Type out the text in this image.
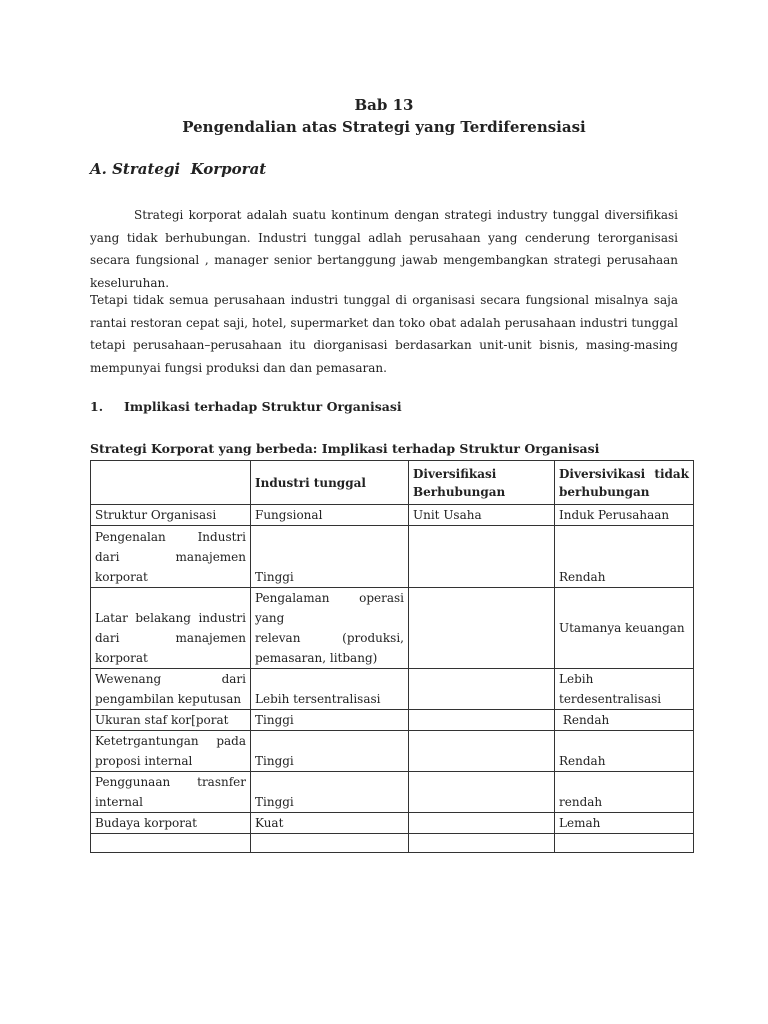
Bab 13
Pengendalian atas Strategi yang Terdiferensiasi
A. Strategi  Korporat

Strategi korporat adalah suatu kontinum dengan strategi industry tunggal diversifikasi yang tidak berhubungan. Industri tunggal adlah perusahaan yang cenderung terorganisasi secara fungsional , manager senior bertanggung jawab mengembangkan strategi perusahaan keseluruhan.

Tetapi tidak semua perusahaan industri tunggal di organisasi secara fungsional misalnya saja rantai restoran cepat saji, hotel, supermarket dan toko obat adalah perusahaan industri tunggal tetapi perusahaan–perusahaan itu diorganisasi berdasarkan unit-unit bisnis, masing-masing mempunyai fungsi produksi dan dan pemasaran.

1. Implikasi terhadap Struktur Organisasi
Strategi Korporat yang berbeda: Implikasi terhadap Struktur Organisasi
	Industri tunggal	Diversifikasi Berhubungan	Diversivikasi tidak
berhubungan
Struktur Organisasi	Fungsional	Unit Usaha	Induk Perusahaan

Pengenalan Industri
dari manajemen
korporat	Tinggi		Rendah

Latar belakang industri
dari manajemen
korporat	Pengalaman operasi yang
relevan (produksi,
pemasaran, litbang)		Utamanya keuangan

Wewenang dari
pengambilan keputusan	Lebih tersentralisasi		Lebih terdesentralisasi
Ukuran staf kor[porat	Tinggi		Rendah

Ketetrgantungan pada
proposi internal	Tinggi		Rendah

Penggunaan trasnfer
internal	Tinggi		rendah
Budaya korporat	Kuat		Lemah
